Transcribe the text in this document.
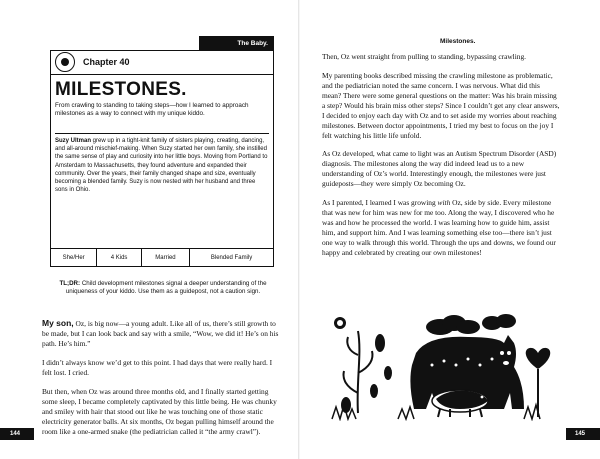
The Baby.
Chapter 40
MILESTONES.
From crawling to standing to taking steps—how I learned to approach milestones as a way to connect with my unique kiddo.
Suzy Ultman grew up in a tight-knit family of sisters playing, creating, dancing, and all-around mischief-making. When Suzy started her own family, she instilled the same sense of play and curiosity into her little boys. Moving from Portland to Amsterdam to Massachusetts, they found adventure and expanded their community. Over the years, their family changed shape and size, eventually becoming a blended family. Suzy is now nested with her husband and three sons in Ohio.
She/Her	4 Kids	Married	Blended Family
TL;DR: Child development milestones signal a deeper understanding of the uniqueness of your kiddo. Use them as a guidepost, not a caution sign.

My son, Oz, is big now—a young adult. Like all of us, there’s still growth to be made, but I can look back and say with a smile, “Wow, we did it! He’s on his path. He’s him.”

I didn’t always know we’d get to this point. I had days that were really hard. I felt lost. I cried.

But then, when Oz was around three months old, and I finally started getting some sleep, I became completely captivated by this little being. He was chunky and smiley with hair that stood out like he was touching one of those static electricity generator balls. At six months, Oz began pulling himself around the room like a one-armed snake (the pediatrician called it “the army crawl”).

144
Milestones.

Then, Oz went straight from pulling to standing, bypassing crawling.

My parenting books described missing the crawling milestone as problematic, and the pediatrician noted the same concern. I was nervous. What did this mean? There were some general questions on the matter: Was his brain missing a step? Would his brain miss other steps? Since I couldn’t get any clear answers, I decided to enjoy each day with Oz and to set aside my worries about reaching milestones. Between doctor appointments, I tried my best to focus on the joy I felt watching his little life unfold.

As Oz developed, what came to light was an Autism Spectrum Disorder (ASD) diagnosis. The milestones along the way did indeed lead us to a new understanding of Oz’s world. Interestingly enough, the milestones were just guideposts—they were simply Oz becoming Oz.

As I parented, I learned I was growing with Oz, side by side. Every milestone that was new for him was new for me too. Along the way, I discovered who he was and how he processed the world. I was learning how to guide him, assist him, and support him. And I was learning something else too—there isn’t just one way to walk through this world. Through the ups and downs, we found our happy and celebrated by creating our own milestones!

145
